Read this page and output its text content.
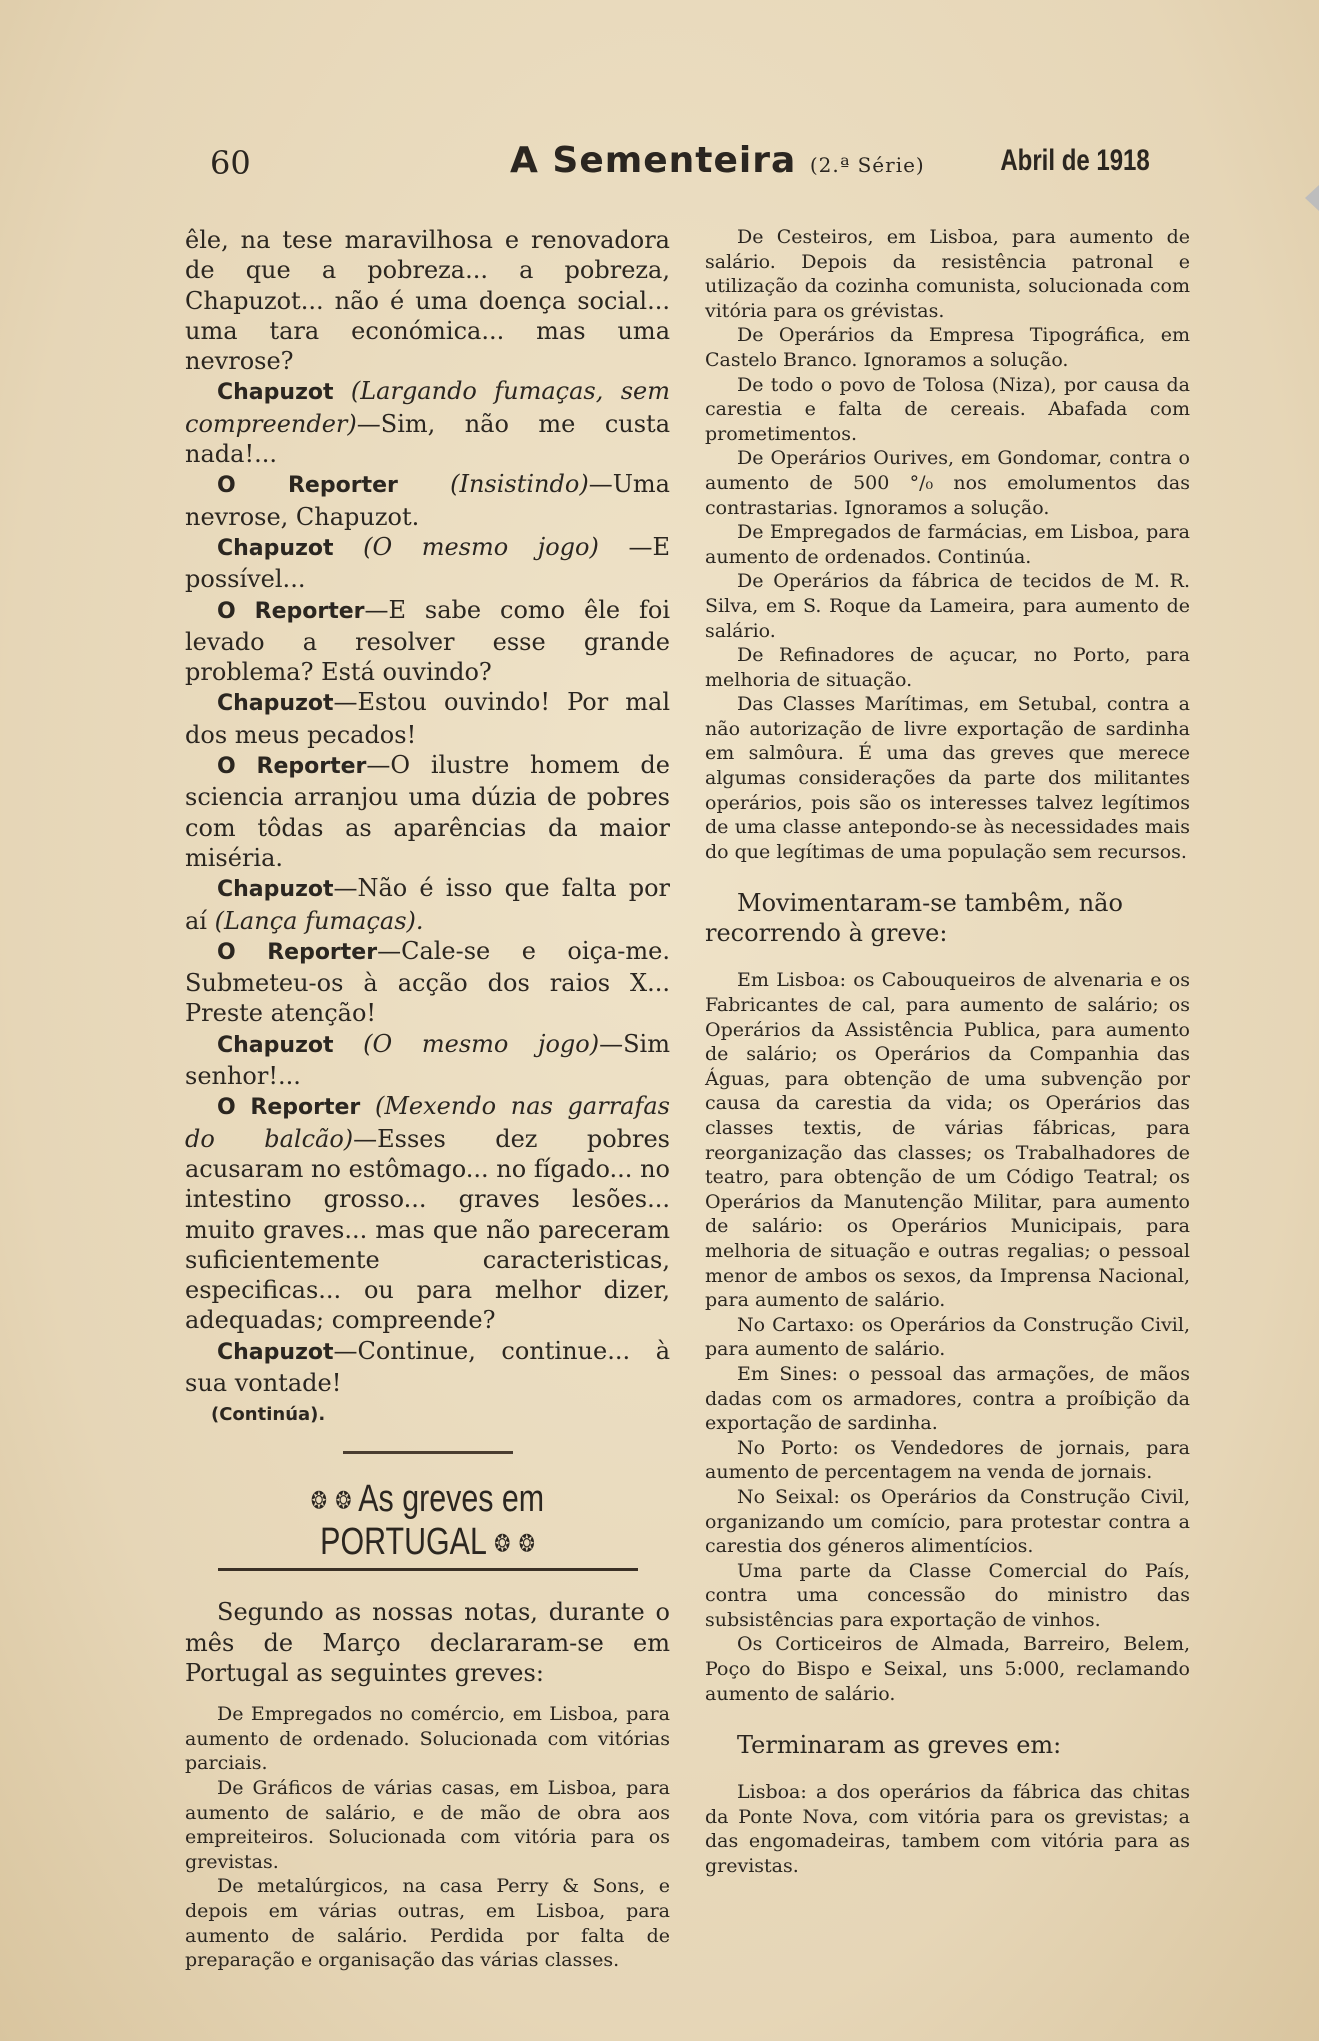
60	A Sementeira (2.ª Série)	Abril de 1918

êle, na tese maravilhosa e renovadora de que a pobreza... a pobreza, Chapuzot... não é uma doença social... uma tara económica... mas uma nevrose?

Chapuzot (Largando fumaças, sem compreender)—Sim, não me custa nada!...

O Reporter (Insistindo)—Uma nevrose, Chapuzot.

Chapuzot (O mesmo jogo) —E possível...

O Reporter—E sabe como êle foi levado a resolver esse grande problema? Está ouvindo?

Chapuzot—Estou ouvindo! Por mal dos meus pecados!

O Reporter—O ilustre homem de sciencia arranjou uma dúzia de pobres com tôdas as aparências da maior miséria.

Chapuzot—Não é isso que falta por aí (Lança fumaças).

O Reporter—Cale-se e oiça-me. Submeteu-os à acção dos raios X... Preste atenção!

Chapuzot (O mesmo jogo)—Sim senhor!...

O Reporter (Mexendo nas garrafas do balcão)—Esses dez pobres acusaram no estômago... no fígado... no intestino grosso... graves lesões... muito graves... mas que não pareceram suficientemente caracteristicas, especificas... ou para melhor dizer, adequadas; compreende?

Chapuzot—Continue, continue... à sua vontade!

(Continúa).
❂ ❂ As greves em PORTUGAL ❂ ❂

Segundo as nossas notas, durante o mês de Março declararam-se em Portugal as seguintes greves:

De Empregados no comércio, em Lisboa, para aumento de ordenado. Solucionada com vitórias parciais.

De Gráficos de várias casas, em Lisboa, para aumento de salário, e de mão de obra aos empreiteiros. Solucionada com vitória para os grevistas.

De metalúrgicos, na casa Perry & Sons, e depois em várias outras, em Lisboa, para aumento de salário. Perdida por falta de preparação e organisação das várias classes.

De Cesteiros, em Lisboa, para aumento de salário. Depois da resistência patronal e utilização da cozinha comunista, solucionada com vitória para os grévistas.

De Operários da Empresa Tipográfica, em Castelo Branco. Ignoramos a solução.

De todo o povo de Tolosa (Niza), por causa da carestia e falta de cereais. Abafada com prometimentos.

De Operários Ourives, em Gondomar, contra o aumento de 500 °/₀ nos emolumentos das contrastarias. Ignoramos a solução.

De Empregados de farmácias, em Lisboa, para aumento de ordenados. Continúa.

De Operários da fábrica de tecidos de M. R. Silva, em S. Roque da Lameira, para aumento de salário.

De Refinadores de açucar, no Porto, para melhoria de situação.

Das Classes Marítimas, em Setubal, contra a não autorização de livre exportação de sardinha em salmôura. É uma das greves que merece algumas considerações da parte dos militantes operários, pois são os interesses talvez legítimos de uma classe antepondo-se às necessidades mais do que legítimas de uma população sem recursos.

Movimentaram-se tambêm, não recorrendo à greve:

Em Lisboa: os Cabouqueiros de alvenaria e os Fabricantes de cal, para aumento de salário; os Operários da Assistência Publica, para aumento de salário; os Operários da Companhia das Águas, para obtenção de uma subvenção por causa da carestia da vida; os Operários das classes textis, de várias fábricas, para reorganização das classes; os Trabalhadores de teatro, para obtenção de um Código Teatral; os Operários da Manutenção Militar, para aumento de salário: os Operários Municipais, para melhoria de situação e outras regalias; o pessoal menor de ambos os sexos, da Imprensa Nacional, para aumento de salário.

No Cartaxo: os Operários da Construção Civil, para aumento de salário.

Em Sines: o pessoal das armações, de mãos dadas com os armadores, contra a proíbição da exportação de sardinha.

No Porto: os Vendedores de jornais, para aumento de percentagem na venda de jornais.

No Seixal: os Operários da Construção Civil, organizando um comício, para protestar contra a carestia dos géneros alimentícios.

Uma parte da Classe Comercial do País, contra uma concessão do ministro das subsistências para exportação de vinhos.

Os Corticeiros de Almada, Barreiro, Belem, Poço do Bispo e Seixal, uns 5:000, reclamando aumento de salário.

Terminaram as greves em:

Lisboa: a dos operários da fábrica das chitas da Ponte Nova, com vitória para os grevistas; a das engomadeiras, tambem com vitória para as grevistas.
